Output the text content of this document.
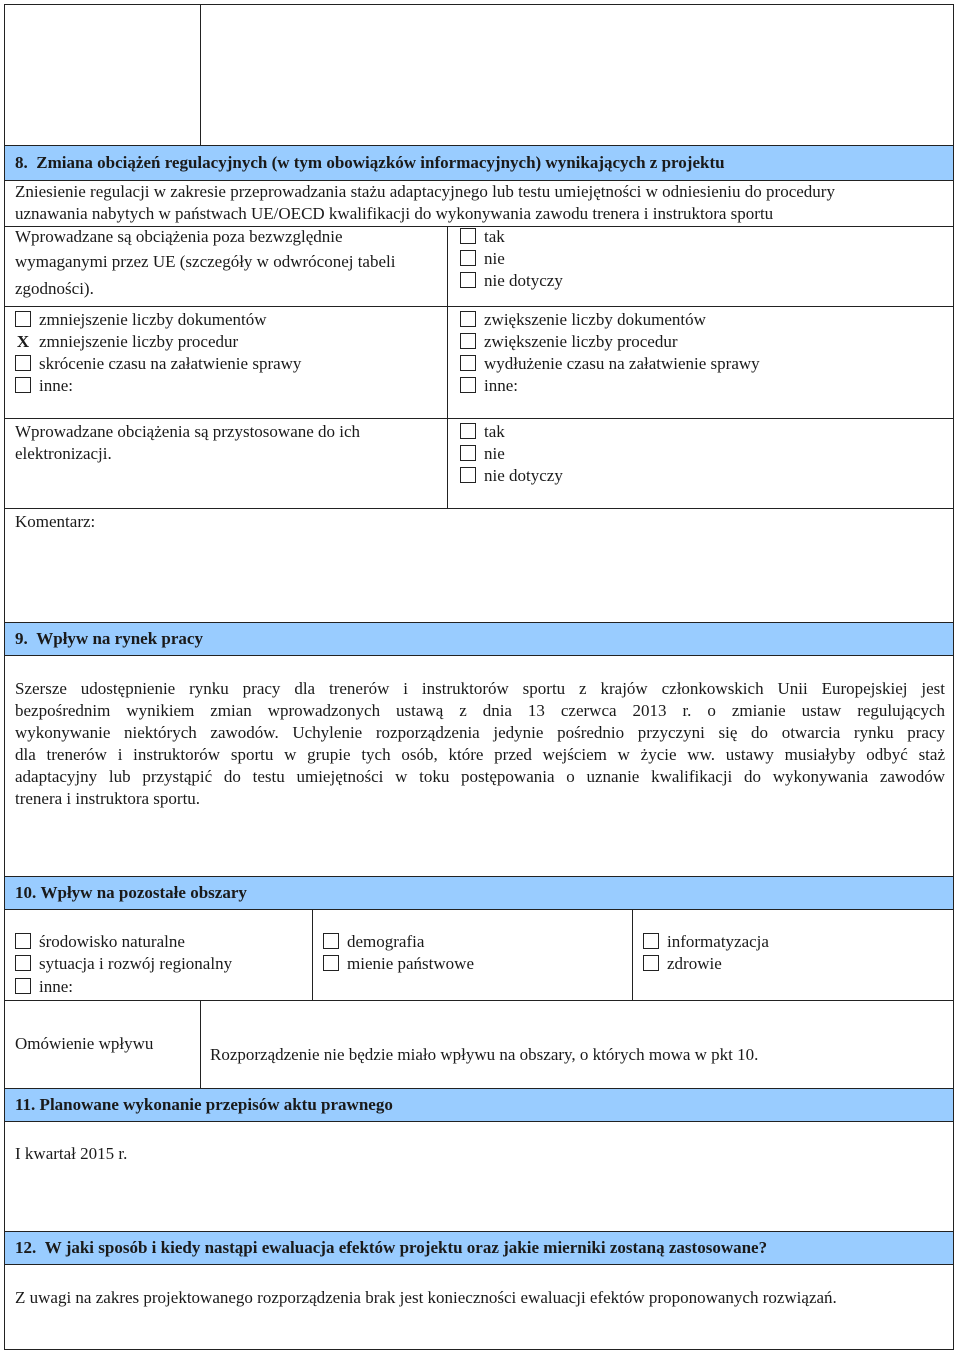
8.  Zmiana obciążeń regulacyjnych (w tym obowiązków informacyjnych) wynikających z projektu
Zniesienie regulacji w zakresie przeprowadzania stażu adaptacyjnego lub testu umiejętności w odniesieniu do procedury
uznawania nabytych w państwach UE/OECD kwalifikacji do wykonywania zawodu trenera i instruktora sportu
Wprowadzane są obciążenia poza bezwzględnie
wymaganymi przez UE (szczegóły w odwróconej tabeli
zgodności).
tak
nie
nie dotyczy
zmniejszenie liczby dokumentów
X zmniejszenie liczby procedur
skrócenie czasu na załatwienie sprawy
inne:
zwiększenie liczby dokumentów
zwiększenie liczby procedur
wydłużenie czasu na załatwienie sprawy
inne:
Wprowadzane obciążenia są przystosowane do ich
elektronizacji.
tak
nie
nie dotyczy
Komentarz:
9.  Wpływ na rynek pracy
Szersze udostępnienie rynku pracy dla trenerów i instruktorów sportu z krajów członkowskich Unii Europejskiej jest
bezpośrednim wynikiem zmian wprowadzonych ustawą z dnia 13 czerwca 2013 r. o zmianie ustaw regulujących
wykonywanie niektórych zawodów. Uchylenie rozporządzenia jedynie pośrednio przyczyni się do otwarcia rynku pracy
dla trenerów i instruktorów sportu w grupie tych osób, które przed wejściem w życie ww. ustawy musiałyby odbyć staż
adaptacyjny lub przystąpić do testu umiejętności w toku postępowania o uznanie kwalifikacji do wykonywania zawodów
trenera i instruktora sportu.
10. Wpływ na pozostałe obszary
środowisko naturalne
sytuacja i rozwój regionalny
inne:
demografia
mienie państwowe
informatyzacja
zdrowie
Omówienie wpływu
Rozporządzenie nie będzie miało wpływu na obszary, o których mowa w pkt 10.
11. Planowane wykonanie przepisów aktu prawnego
I kwartał 2015 r.
12.  W jaki sposób i kiedy nastąpi ewaluacja efektów projektu oraz jakie mierniki zostaną zastosowane?
Z uwagi na zakres projektowanego rozporządzenia brak jest konieczności ewaluacji efektów proponowanych rozwiązań.
